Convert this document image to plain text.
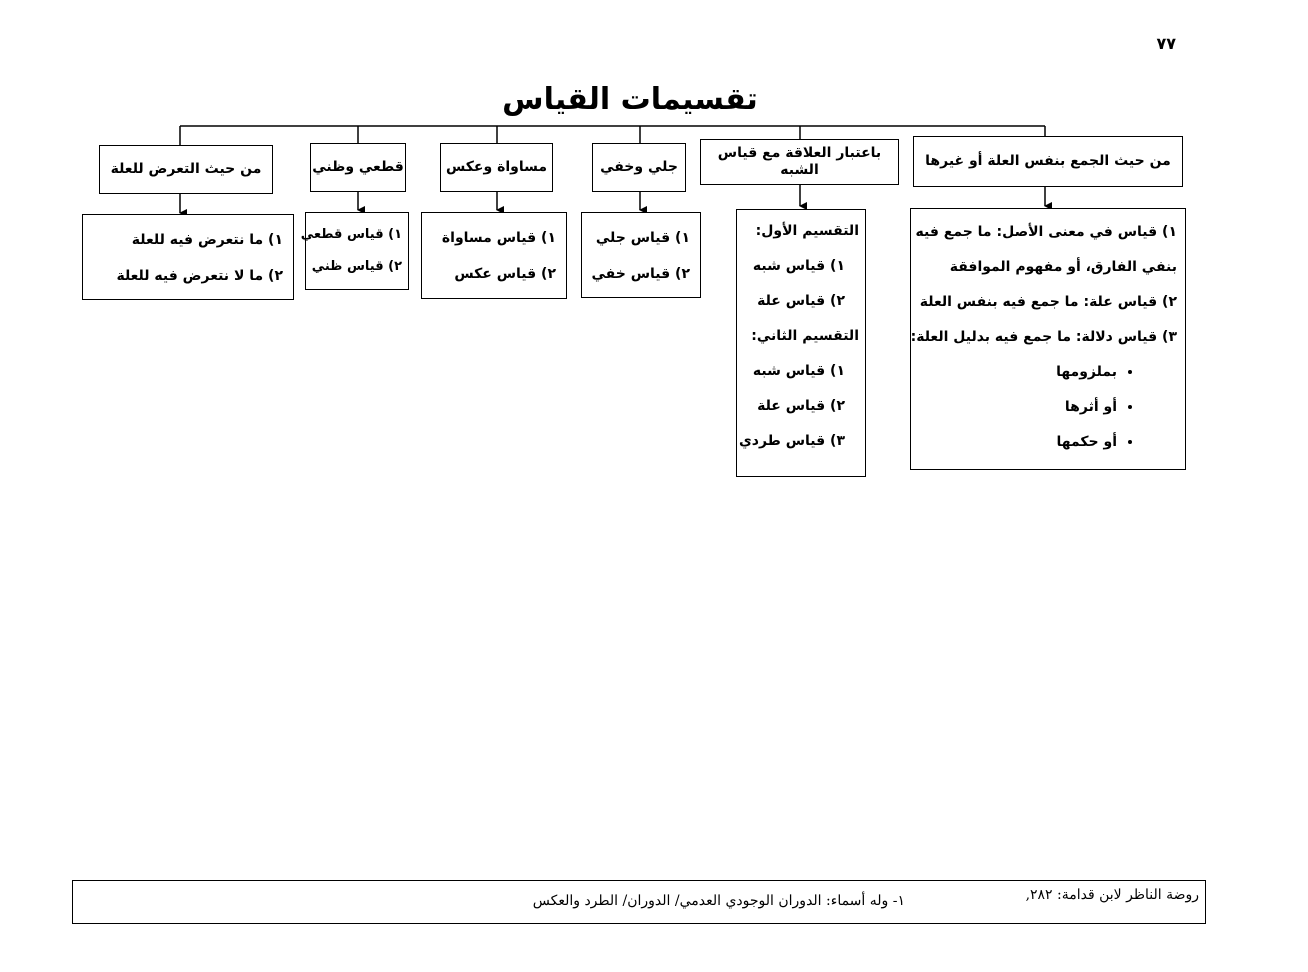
٧٧
تقسيمات القياس
من حيث الجمع بنفس العلة أو غيرها
باعتبار العلاقة مع قياس الشبه
جلي وخفي
مساواة وعكس
قطعي وظني
من حيث التعرض للعلة
١) قياس في معنى الأصل: ما جمع فيه
بنفي الفارق، أو مفهوم الموافقة
٢) قياس علة: ما جمع فيه بنفس العلة
٣) قياس دلالة: ما جمع فيه بدليل العلة:
• بملزومها
• أو أثرها
• أو حكمها
التقسيم الأول:
١) قياس شبه
٢) قياس علة
التقسيم الثاني:
١) قياس شبه
٢) قياس علة
٣) قياس طردي
١) قياس جلي
٢) قياس خفي
١) قياس مساواة
٢) قياس عكس
١) قياس قطعي
٢) قياس ظني
١) ما نتعرض فيه للعلة
٢) ما لا نتعرض فيه للعلة
روضة الناظر لابن قدامة: ٢٨٢,
١- وله أسماء: الدوران الوجودي العدمي/ الدوران/ الطرد والعكس
